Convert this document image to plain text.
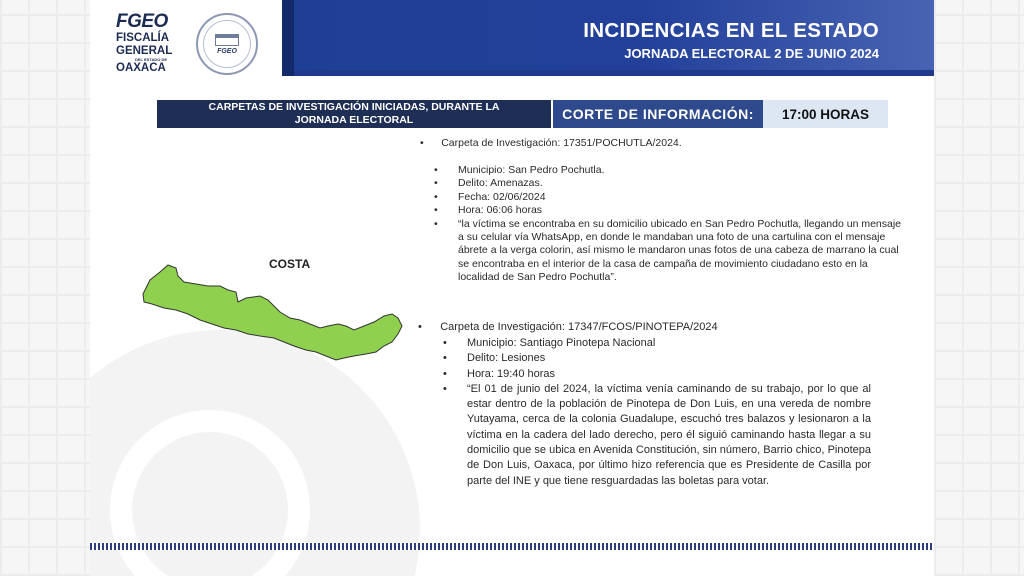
FGEO
FISCALÍA
GENERAL
DEL ESTADO DE
OAXACA
FGEO
INCIDENCIAS EN EL ESTADO
JORNADA ELECTORAL 2 DE JUNIO 2024
CARPETAS DE INVESTIGACIÓN INICIADAS, DURANTE LA
JORNADA ELECTORAL	CORTE DE INFORMACIÓN:	17:00 HORAS
• Carpeta de Investigación: 17351/POCHUTLA/2024.
• Municipio: San Pedro Pochutla.
• Delito: Amenazas.
• Fecha: 02/06/2024
• Hora: 06:06 horas
• “la víctima se encontraba en su domicilio ubicado en San Pedro Pochutla, llegando un mensaje a su celular vía WhatsApp, en donde le mandaban una foto de una cartulina con el mensaje ábrete a la verga colorin, así mismo le mandaron unas fotos de una cabeza de marrano la cual se encontraba en el interior de la casa de campaña de movimiento ciudadano esto en la localidad de San Pedro Pochutla”.
COSTA
• Carpeta de Investigación: 17347/FCOS/PINOTEPA/2024
• Municipio: Santiago Pinotepa Nacional
• Delito: Lesiones
• Hora: 19:40 horas
• “El 01 de junio del 2024, la víctima venía caminando de su trabajo, por lo que al estar dentro de la población de Pinotepa de Don Luis, en una vereda de nombre Yutayama, cerca de la colonia Guadalupe, escuchó tres balazos y lesionaron a la víctima en la cadera del lado derecho, pero él siguió caminando hasta llegar a su domicilio que se ubica en Avenida Constitución, sin número, Barrio chico, Pinotepa de Don Luis, Oaxaca, por último hizo referencia que es Presidente de Casilla por parte del INE y que tiene resguardadas las boletas para votar.
